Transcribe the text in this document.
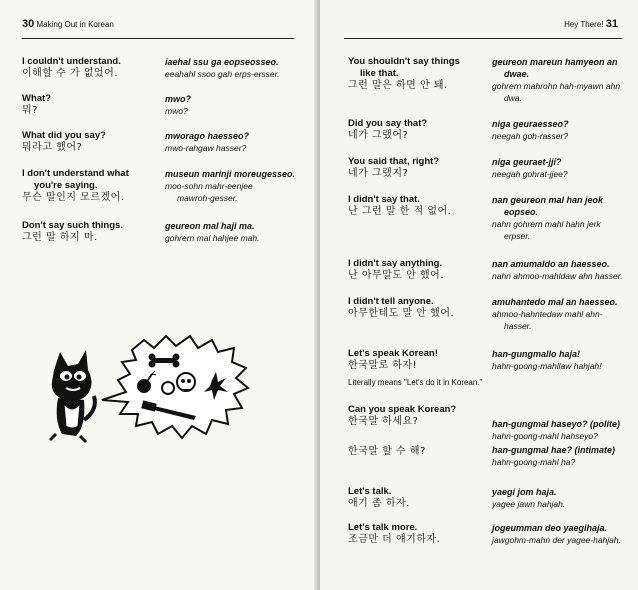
30 Making Out in Korean
I couldn't understand.
이해할 수 가 없었어.
iaehal ssu ga eopseosseo.
eeahahl ssoo gah erps-ersser.
What?
뭐?
mwo?
mwo?
What did you say?
뭐라고 했어?
mworago haesseo?
mwo-rahgaw hasser?
I don't understand what
you're saying.
무슨 말인지 모르겠어.
museun marinji moreugesseo.
moo-sohn mahr-eenjee
mawroh-gesser.
Don't say such things.
그런 말 하지 마.
geureon mal haji ma.
gohrern mal hahjee mah.
Hey There! 31
You shouldn't say things
like that.
그런 말은 하면 안 돼.
geureon mareun hamyeon an
dwae.
gohrern mahrohn hah-myawn ahn
dwa.
Did you say that?
네가 그랬어?
niga geuraesseo?
neegah goh-rasser?
You said that, right?
네가 그랬지?
niga geuraet-jji?
neegah gohrat-jjee?
I didn't say that.
난 그런 말 한 적 없어.
nan geureon mal han jeok
eopseo.
nahn gohrern mahl hahn jerk
erpser.
I didn't say anything.
난 아무말도 안 했어.
nan amumaldo an haesseo.
nahn ahmoo-mahldaw ahn hasser.
I didn't tell anyone.
아무한테도 말 안 했어.
amuhantedo mal an haesseo.
ahmoo-hahntedaw mahl ahn-
hasser.
Let's speak Korean!
한국말로 하자!
han-gungmallo haja!
hahn-goong-mahllaw hahjah!
Literally means "Let's do it in Korean."
Can you speak Korean?
한국말 하세요?	han-gungmal haseyo? (polite)
hahn-goong-mahl hahseyo?
한국말 할 수 해?	han-gungmal hae? (intimate)
hahn-goong-mahl ha?
Let's talk.
애기 좀 하자.
yaegi jom haja.
yagee jawn hahjah.
Let's talk more.
조금만 더 얘기하자.
jogeumman deo yaegihaja.
jawgohm-mahn der yagee-hahjah.
